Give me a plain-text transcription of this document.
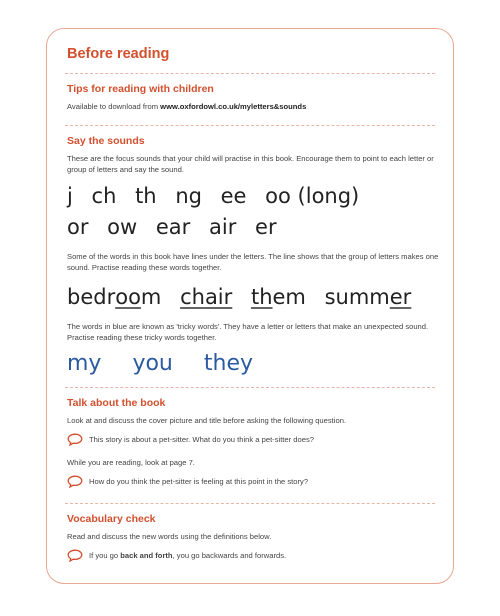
Before reading
Tips for reading with children
Available to download from www.oxfordowl.co.uk/myletters&sounds
Say the sounds
These are the focus sounds that your child will practise in this book. Encourage them to point to each letter or group of letters and say the sound.
j ch th ng ee oo (long)
or ow ear air er
Some of the words in this book have lines under the letters. The line shows that the group of letters makes one sound. Practise reading these words together.
bedroom chair them summer
The words in blue are known as 'tricky words'. They have a letter or letters that make an unexpected sound. Practise reading these tricky words together.
my you they
Talk about the book
Look at and discuss the cover picture and title before asking the following question.
This story is about a pet-sitter. What do you think a pet-sitter does?
While you are reading, look at page 7.
How do you think the pet-sitter is feeling at this point in the story?
Vocabulary check
Read and discuss the new words using the definitions below.
If you go back and forth, you go backwards and forwards.
